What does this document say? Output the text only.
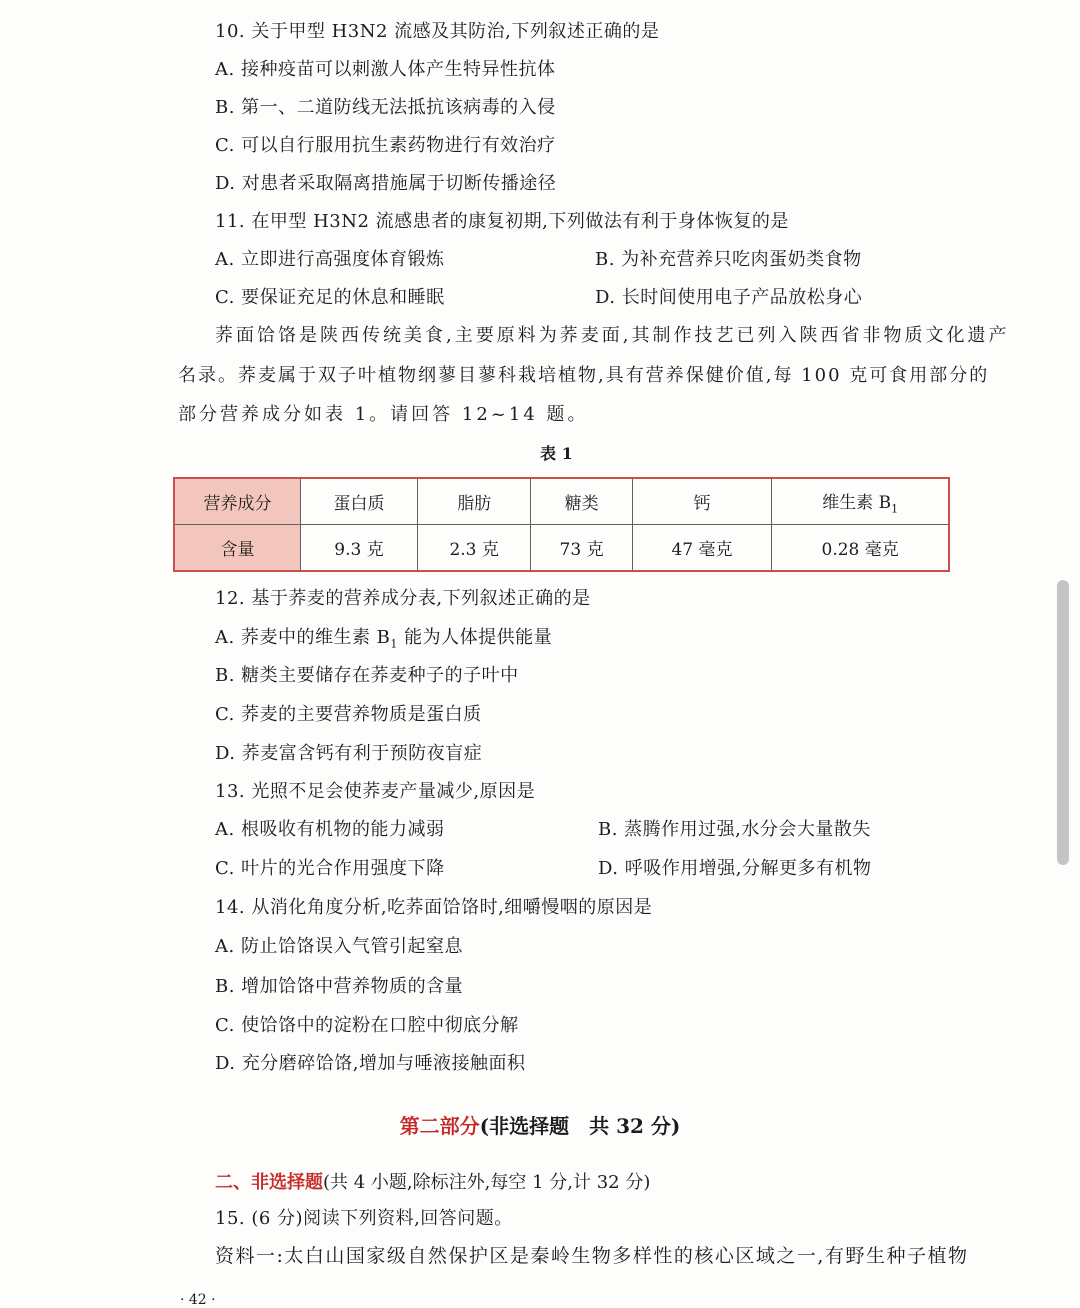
10. 关于甲型 H3N2 流感及其防治,下列叙述正确的是
A. 接种疫苗可以刺激人体产生特异性抗体
B. 第一、二道防线无法抵抗该病毒的入侵
C. 可以自行服用抗生素药物进行有效治疗
D. 对患者采取隔离措施属于切断传播途径
11. 在甲型 H3N2 流感患者的康复初期,下列做法有利于身体恢复的是
A. 立即进行高强度体育锻炼	B. 为补充营养只吃肉蛋奶类食物
C. 要保证充足的休息和睡眠	D. 长时间使用电子产品放松身心
荞面饸饹是陕西传统美食,主要原料为荞麦面,其制作技艺已列入陕西省非物质文化遗产
名录。荞麦属于双子叶植物纲蓼目蓼科栽培植物,具有营养保健价值,每 100 克可食用部分的
部分营养成分如表 1。请回答 12~14 题。
表 1
营养成分	蛋白质	脂肪	糖类	钙	维生素 $B_1$
含量	9.3 克	2.3 克	73 克	47 毫克	0.28 毫克
12. 基于荞麦的营养成分表,下列叙述正确的是
A. 荞麦中的维生素 $B_1$ 能为人体提供能量
B. 糖类主要储存在荞麦种子的子叶中
C. 荞麦的主要营养物质是蛋白质
D. 荞麦富含钙有利于预防夜盲症
13. 光照不足会使荞麦产量减少,原因是
A. 根吸收有机物的能力减弱	B. 蒸腾作用过强,水分会大量散失
C. 叶片的光合作用强度下降	D. 呼吸作用增强,分解更多有机物
14. 从消化角度分析,吃荞面饸饹时,细嚼慢咽的原因是
A. 防止饸饹误入气管引起窒息
B. 增加饸饹中营养物质的含量
C. 使饸饹中的淀粉在口腔中彻底分解
D. 充分磨碎饸饹,增加与唾液接触面积
第二部分(非选择题　共 32 分)
二、非选择题(共 4 小题,除标注外,每空 1 分,计 32 分)
15. (6 分)阅读下列资料,回答问题。
资料一:太白山国家级自然保护区是秦岭生物多样性的核心区域之一,有野生种子植物
· 42 ·
